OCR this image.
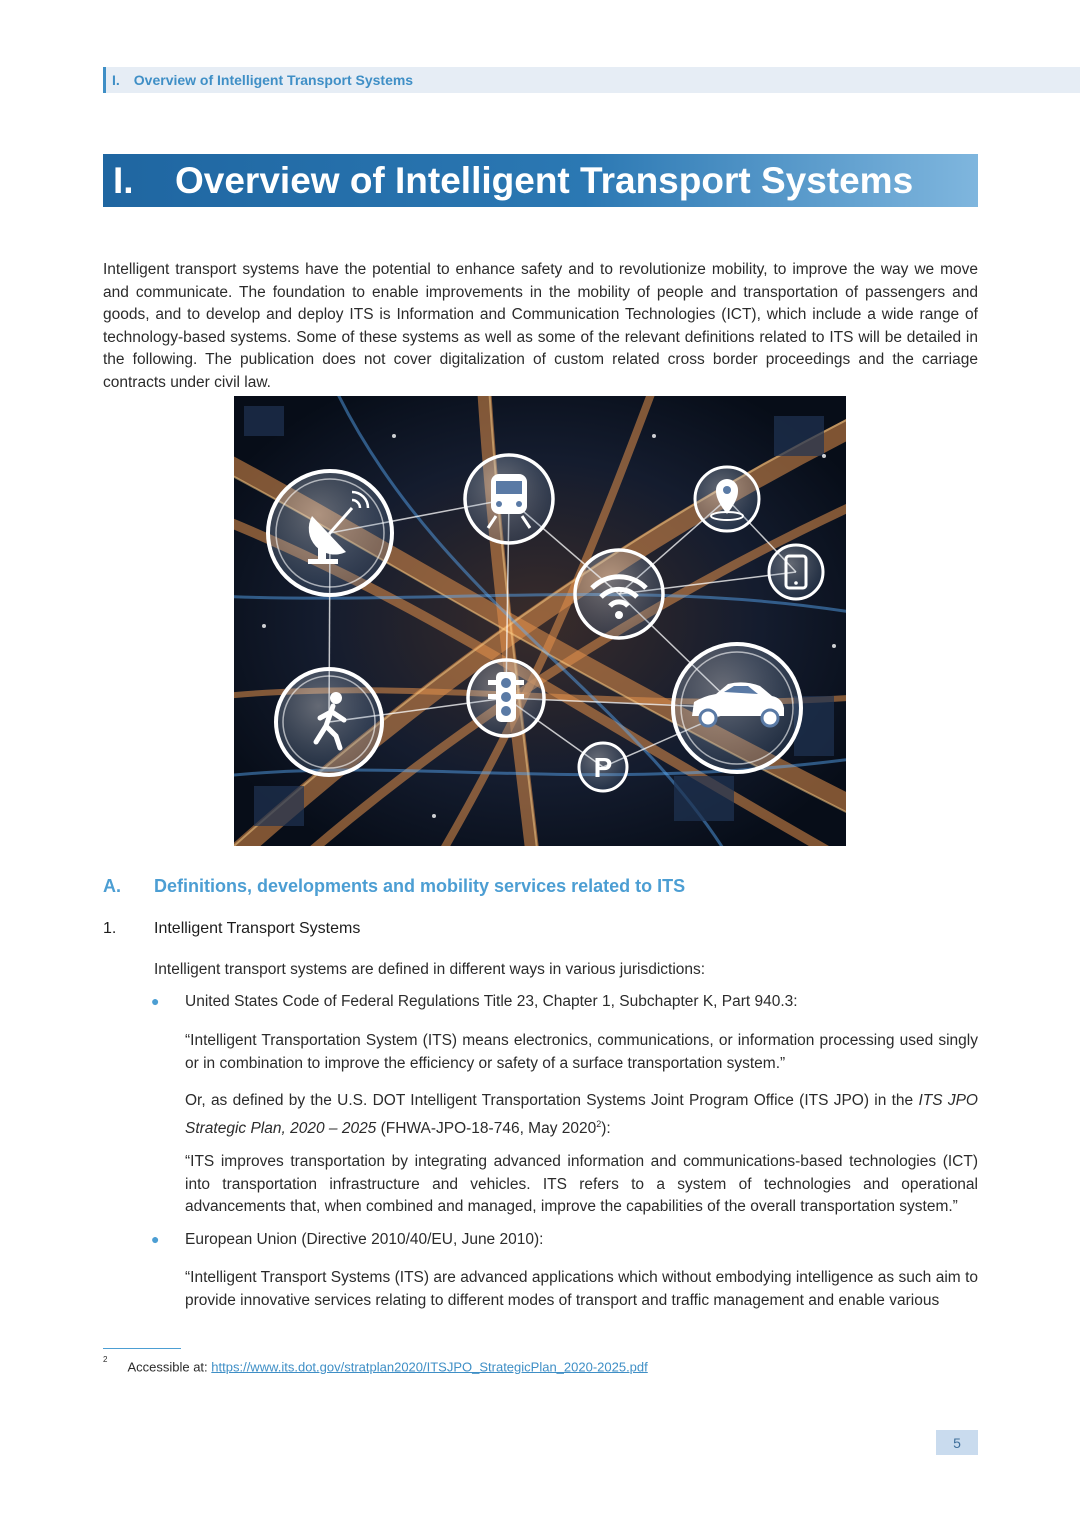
I. Overview of Intelligent Transport Systems
I.	Overview of Intelligent Transport Systems

Intelligent transport systems have the potential to enhance safety and to revolutionize mobility, to improve the way we move and communicate. The foundation to enable improvements in the mobility of people and transportation of passengers and goods, and to develop and deploy ITS is Information and Communication Technologies (ICT), which include a wide range of technology-based systems. Some of these systems as well as some of the relevant definitions related to ITS will be detailed in the following. The publication does not cover digitalization of custom related cross border proceedings and the carriage contracts under civil law.

P
A. Definitions, developments and mobility services related to ITS
1. Intelligent Transport Systems

Intelligent transport systems are defined in different ways in various jurisdictions:

● United States Code of Federal Regulations Title 23, Chapter 1, Subchapter K, Part 940.3:

“Intelligent Transportation System (ITS) means electronics, communications, or information processing used singly or in combination to improve the efficiency or safety of a surface transportation system.”

Or, as defined by the U.S. DOT Intelligent Transportation Systems Joint Program Office (ITS JPO) in the ITS JPO Strategic Plan, 2020 – 2025 (FHWA-JPO-18-746, May 2020$^2$):

“ITS improves transportation by integrating advanced information and communications-based technologies (ICT) into transportation infrastructure and vehicles. ITS refers to a system of technologies and operational advancements that, when combined and managed, improve the capabilities of the overall transportation system.”

● European Union (Directive 2010/40/EU, June 2010):

“Intelligent Transport Systems (ITS) are advanced applications which without embodying intelligence as such aim to provide innovative services relating to different modes of transport and traffic management and enable various

$^2$ Accessible at: https://www.its.dot.gov/stratplan2020/ITSJPO_StrategicPlan_2020-2025.pdf
5
